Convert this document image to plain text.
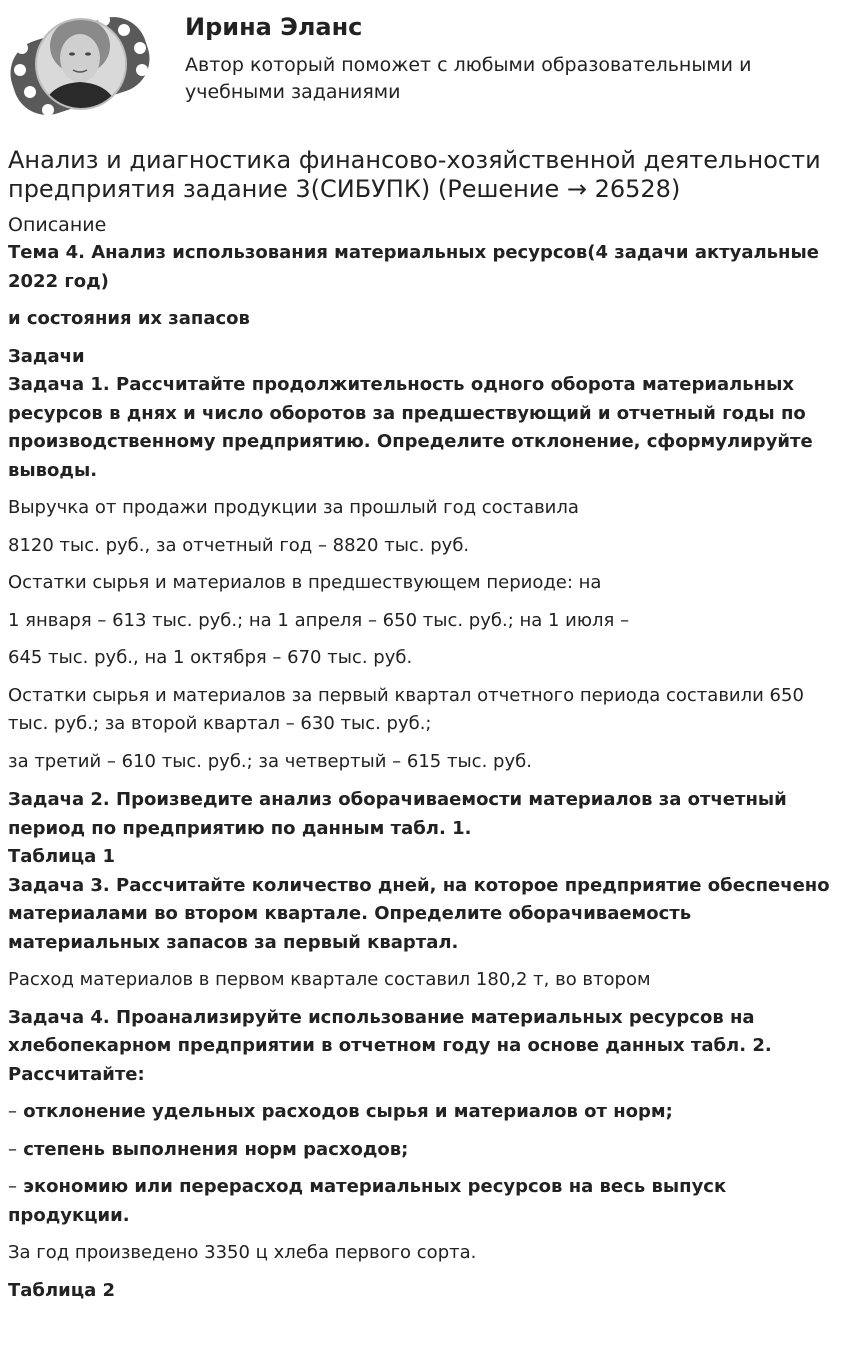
Ирина Эланс
Автор который поможет с любыми образовательными и учебными заданиями
Анализ и диагностика финансово-хозяйственной деятельности предприятия задание 3(СИБУПК) (Решение → 26528)
Описание

Тема 4. Анализ использования материальных ресурсов(4 задачи актуальные 2022 год)

и состояния их запасов

Задачи

Задача 1. Рассчитайте продолжительность одного оборота материальных ресурсов в днях и число оборотов за предшествующий и отчетный годы по производственному предприятию. Определите отклонение, сформулируйте выводы.

Выручка от продажи продукции за прошлый год составила

8120 тыс. руб., за отчетный год – 8820 тыс. руб.

Остатки сырья и материалов в предшествующем периоде: на

1 января – 613 тыс. руб.; на 1 апреля – 650 тыс. руб.; на 1 июля –

645 тыс. руб., на 1 октября – 670 тыс. руб.

Остатки сырья и материалов за первый квартал отчетного периода составили 650 тыс. руб.; за второй квартал – 630 тыс. руб.;

за третий – 610 тыс. руб.; за четвертый – 615 тыс. руб.

Задача 2. Произведите анализ оборачиваемости материалов за отчетный период по предприятию по данным табл. 1.

Таблица 1

Задача 3. Рассчитайте количество дней, на которое предприятие обеспечено материалами во втором квартале. Определите оборачиваемость материальных запасов за первый квартал.

Расход материалов в первом квартале составил 180,2 т, во втором

Задача 4. Проанализируйте использование материальных ресурсов на хлебопекарном предприятии в отчетном году на основе данных табл. 2. Рассчитайте:

– отклонение удельных расходов сырья и материалов от норм;

– степень выполнения норм расходов;

– экономию или перерасход материальных ресурсов на весь выпуск продукции.

За год произведено 3350 ц хлеба первого сорта.

Таблица 2
